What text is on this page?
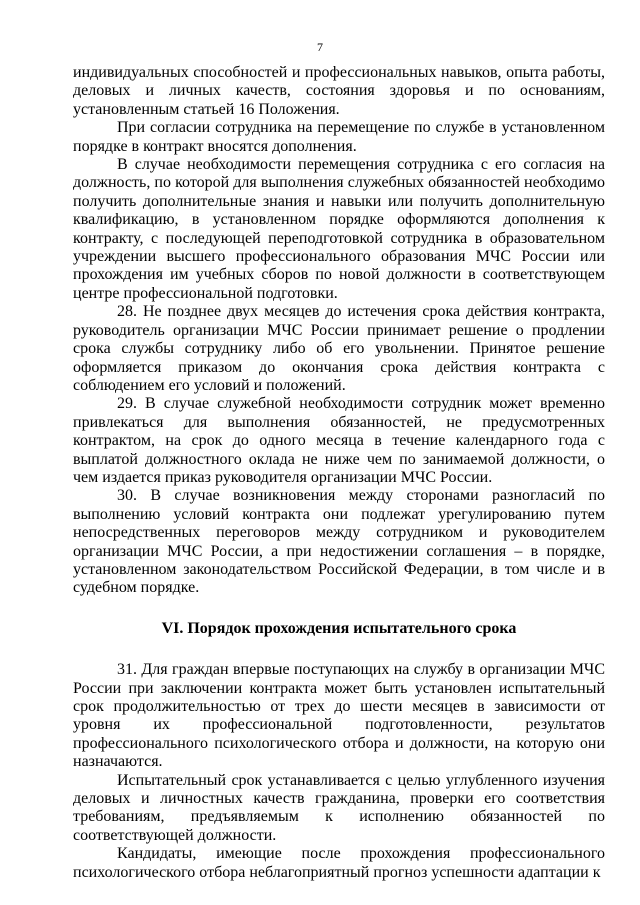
7

индивидуальных способностей и профессиональных навыков, опыта работы, деловых и личных качеств, состояния здоровья и по основаниям, установленным статьей 16 Положения.

При согласии сотрудника на перемещение по службе в установленном порядке в контракт вносятся дополнения.

В случае необходимости перемещения сотрудника с его согласия на должность, по которой для выполнения служебных обязанностей необходимо получить дополнительные знания и навыки или получить дополнительную квалификацию, в установленном порядке оформляются дополнения к контракту, с последующей переподготовкой сотрудника в образовательном учреждении высшего профессионального образования МЧС России или прохождения им учебных сборов по новой должности в соответствующем центре профессиональной подготовки.

28. Не позднее двух месяцев до истечения срока действия контракта, руководитель организации МЧС России принимает решение о продлении срока службы сотруднику либо об его увольнении. Принятое решение оформляется приказом до окончания срока действия контракта с соблюдением его условий и положений.

29. В случае служебной необходимости сотрудник может временно привлекаться для выполнения обязанностей, не предусмотренных контрактом, на срок до одного месяца в течение календарного года с выплатой должностного оклада не ниже чем по занимаемой должности, о чем издается приказ руководителя организации МЧС России.

30. В случае возникновения между сторонами разногласий по выполнению условий контракта они подлежат урегулированию путем непосредственных переговоров между сотрудником и руководителем организации МЧС России, а при недостижении соглашения – в порядке, установленном законодательством Российской Федерации, в том числе и в судебном порядке.

VI. Порядок прохождения испытательного срока

31. Для граждан впервые поступающих на службу в организации МЧС России при заключении контракта может быть установлен испытательный срок продолжительностью от трех до шести месяцев в зависимости от уровня их профессиональной подготовленности, результатов профессионального психологического отбора и должности, на которую они назначаются.

Испытательный срок устанавливается с целью углубленного изучения деловых и личностных качеств гражданина, проверки его соответствия требованиям, предъявляемым к исполнению обязанностей по соответствующей должности.

Кандидаты, имеющие после прохождения профессионального психологического отбора неблагоприятный прогноз успешности адаптации к
